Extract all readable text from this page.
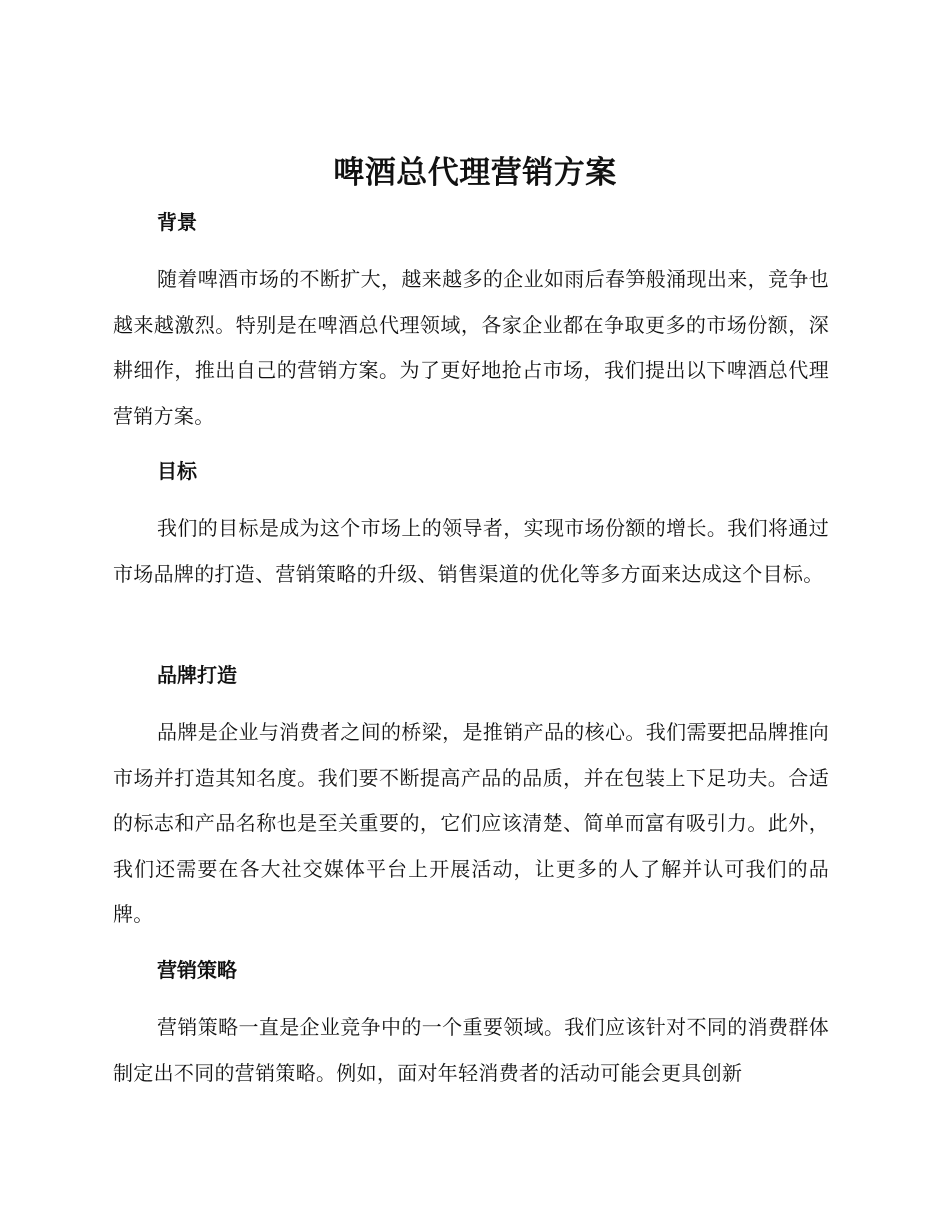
啤酒总代理营销方案
背景

随着啤酒市场的不断扩大，越来越多的企业如雨后春笋般涌现出来，竞争也越来越激烈。特别是在啤酒总代理领域，各家企业都在争取更多的市场份额，深耕细作，推出自己的营销方案。为了更好地抢占市场，我们提出以下啤酒总代理营销方案。

目标

我们的目标是成为这个市场上的领导者，实现市场份额的增长。我们将通过市场品牌的打造、营销策略的升级、销售渠道的优化等多方面来达成这个目标。

品牌打造

品牌是企业与消费者之间的桥梁，是推销产品的核心。我们需要把品牌推向市场并打造其知名度。我们要不断提高产品的品质，并在包装上下足功夫。合适的标志和产品名称也是至关重要的，它们应该清楚、简单而富有吸引力。此外，我们还需要在各大社交媒体平台上开展活动，让更多的人了解并认可我们的品牌。

营销策略

营销策略一直是企业竞争中的一个重要领域。我们应该针对不同的消费群体制定出不同的营销策略。例如，面对年轻消费者的活动可能会更具创新
